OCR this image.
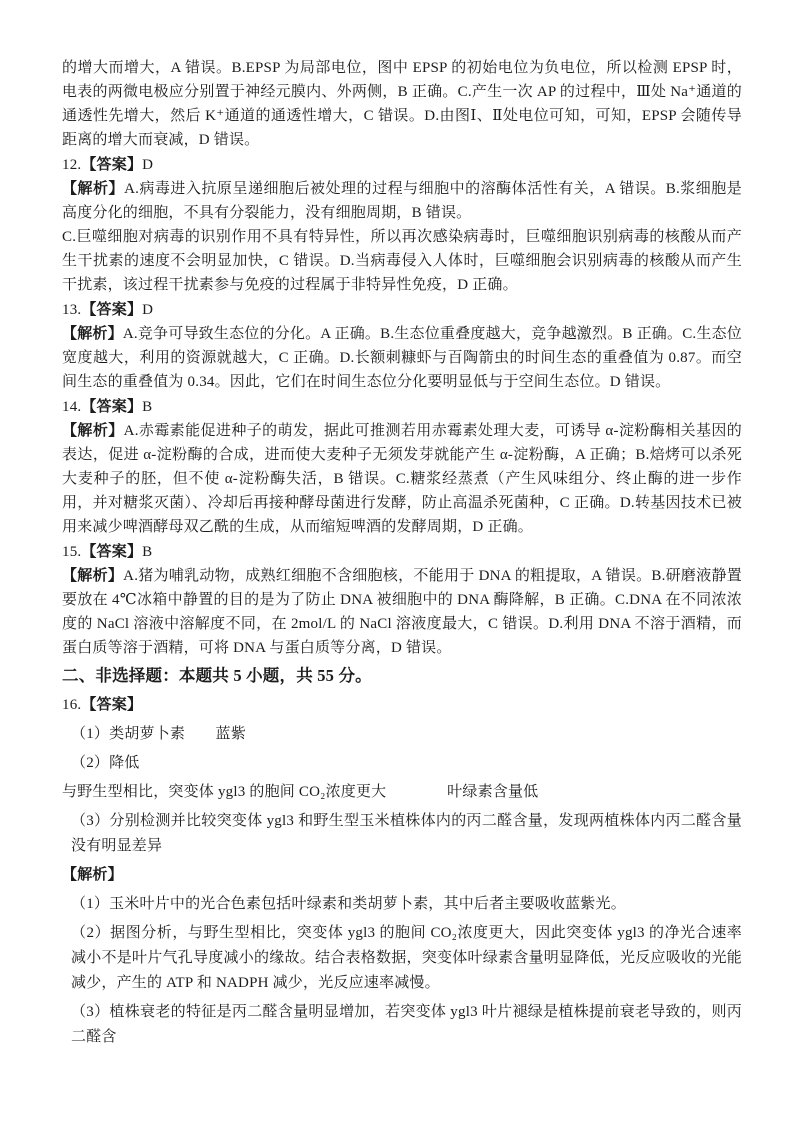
的增大而增大，A 错误。B.EPSP 为局部电位，图中 EPSP 的初始电位为负电位，所以检测 EPSP 时，电表的两微电极应分别置于神经元膜内、外两侧，B 正确。C.产生一次 AP 的过程中，Ⅲ处 Na⁺通道的通透性先增大，然后 K⁺通道的通透性增大，C 错误。D.由图Ⅰ、Ⅱ处电位可知，可知，EPSP 会随传导距离的增大而衰减，D 错误。

12.【答案】D

【解析】A.病毒进入抗原呈递细胞后被处理的过程与细胞中的溶酶体活性有关，A 错误。B.浆细胞是高度分化的细胞，不具有分裂能力，没有细胞周期，B 错误。

C.巨噬细胞对病毒的识别作用不具有特异性，所以再次感染病毒时，巨噬细胞识别病毒的核酸从而产生干扰素的速度不会明显加快，C 错误。D.当病毒侵入人体时，巨噬细胞会识别病毒的核酸从而产生干扰素，该过程干扰素参与免疫的过程属于非特异性免疫，D 正确。

13.【答案】D

【解析】A.竞争可导致生态位的分化。A 正确。B.生态位重叠度越大，竞争越激烈。B 正确。C.生态位宽度越大，利用的资源就越大，C 正确。D.长额刺糠虾与百陶箭虫的时间生态的重叠值为 0.87。而空间生态的重叠值为 0.34。因此，它们在时间生态位分化要明显低与于空间生态位。D 错误。

14.【答案】B

【解析】A.赤霉素能促进种子的萌发，据此可推测若用赤霉素处理大麦，可诱导 α-淀粉酶相关基因的表达，促进 α-淀粉酶的合成，进而使大麦种子无须发芽就能产生 α-淀粉酶，A 正确；B.焙烤可以杀死大麦种子的胚，但不使 α-淀粉酶失活，B 错误。C.糖浆经蒸煮（产生风味组分、终止酶的进一步作用，并对糖浆灭菌）、冷却后再接种酵母菌进行发酵，防止高温杀死菌种，C 正确。D.转基因技术已被用来减少啤酒酵母双乙酰的生成，从而缩短啤酒的发酵周期，D 正确。

15.【答案】B

【解析】A.猪为哺乳动物，成熟红细胞不含细胞核，不能用于 DNA 的粗提取，A 错误。B.研磨液静置要放在 4℃冰箱中静置的目的是为了防止 DNA 被细胞中的 DNA 酶降解，B 正确。C.DNA 在不同浓浓度的 NaCl 溶液中溶解度不同，在 2mol/L 的 NaCl 溶液度最大，C 错误。D.利用 DNA 不溶于酒精，而蛋白质等溶于酒精，可将 DNA 与蛋白质等分离，D 错误。

二、非选择题：本题共 5 小题，共 55 分。

16.【答案】

（1）类胡萝卜素　　蓝紫

（2）降低

与野生型相比，突变体 ygl3 的胞间 CO₂浓度更大　　　　叶绿素含量低

（3）分别检测并比较突变体 ygl3 和野生型玉米植株体内的丙二醛含量，发现两植株体内丙二醛含量没有明显差异

【解析】

（1）玉米叶片中的光合色素包括叶绿素和类胡萝卜素，其中后者主要吸收蓝紫光。

（2）据图分析，与野生型相比，突变体 ygl3 的胞间 CO₂浓度更大，因此突变体 ygl3 的净光合速率减小不是叶片气孔导度减小的缘故。结合表格数据，突变体叶绿素含量明显降低，光反应吸收的光能减少，产生的 ATP 和 NADPH 减少，光反应速率减慢。

（3）植株衰老的特征是丙二醛含量明显增加，若突变体 ygl3 叶片褪绿是植株提前衰老导致的，则丙二醛含
